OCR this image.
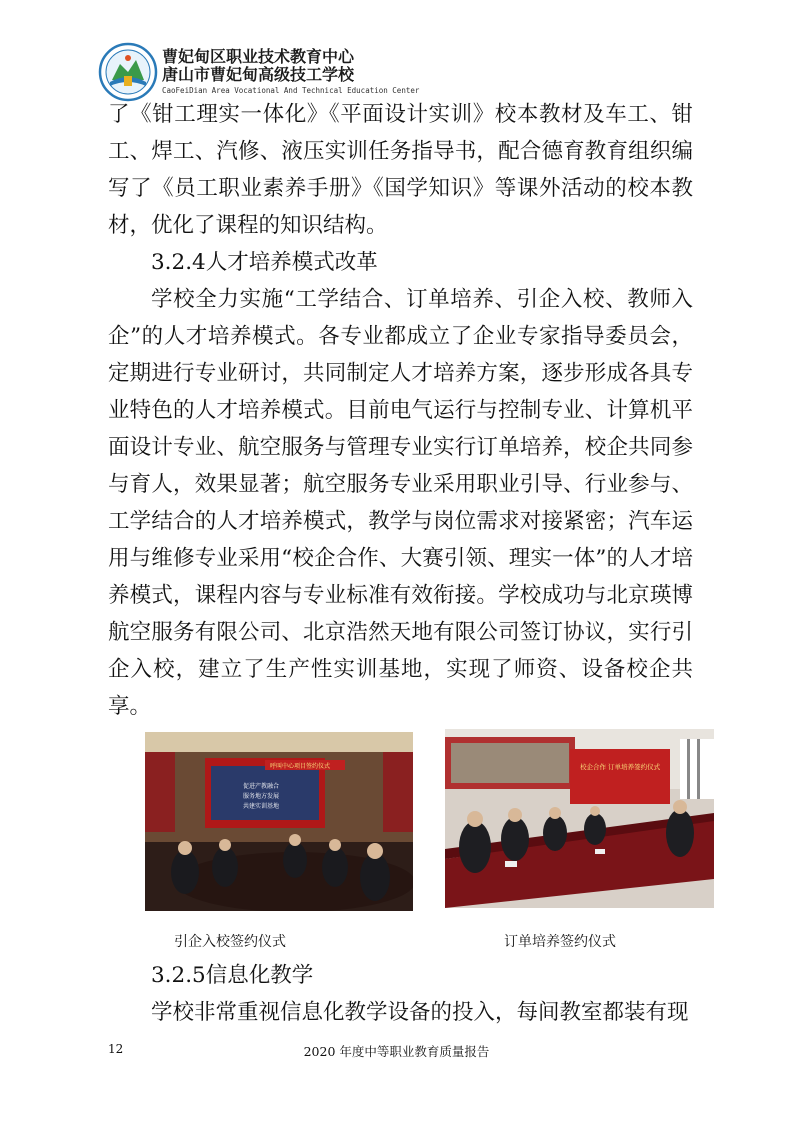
曹妃甸区职业技术教育中心
唐山市曹妃甸高级技工学校
CaoFeiDian Area Vocational And Technical Education Center

了《钳工理实一体化》《平面设计实训》校本教材及车工、钳工、焊工、汽修、液压实训任务指导书，配合德育教育组织编写了《员工职业素养手册》《国学知识》等课外活动的校本教材，优化了课程的知识结构。

3.2.4人才培养模式改革

学校全力实施“工学结合、订单培养、引企入校、教师入企”的人才培养模式。各专业都成立了企业专家指导委员会，定期进行专业研讨，共同制定人才培养方案，逐步形成各具专业特色的人才培养模式。目前电气运行与控制专业、计算机平面设计专业、航空服务与管理专业实行订单培养，校企共同参与育人，效果显著；航空服务专业采用职业引导、行业参与、工学结合的人才培养模式，教学与岗位需求对接紧密；汽车运用与维修专业采用“校企合作、大赛引领、理实一体”的人才培养模式，课程内容与专业标准有效衔接。学校成功与北京瑛博航空服务有限公司、北京浩然天地有限公司签订协议，实行引企入校，建立了生产性实训基地，实现了师资、设备校企共享。

呼叫中心项目签约仪式
促进产教融合
服务地方发展
共建实训基地
引企入校签约仪式
校企合作 订单培养签约仪式
订单培养签约仪式

3.2.5信息化教学

学校非常重视信息化教学设备的投入，每间教室都装有现

12	2020 年度中等职业教育质量报告
